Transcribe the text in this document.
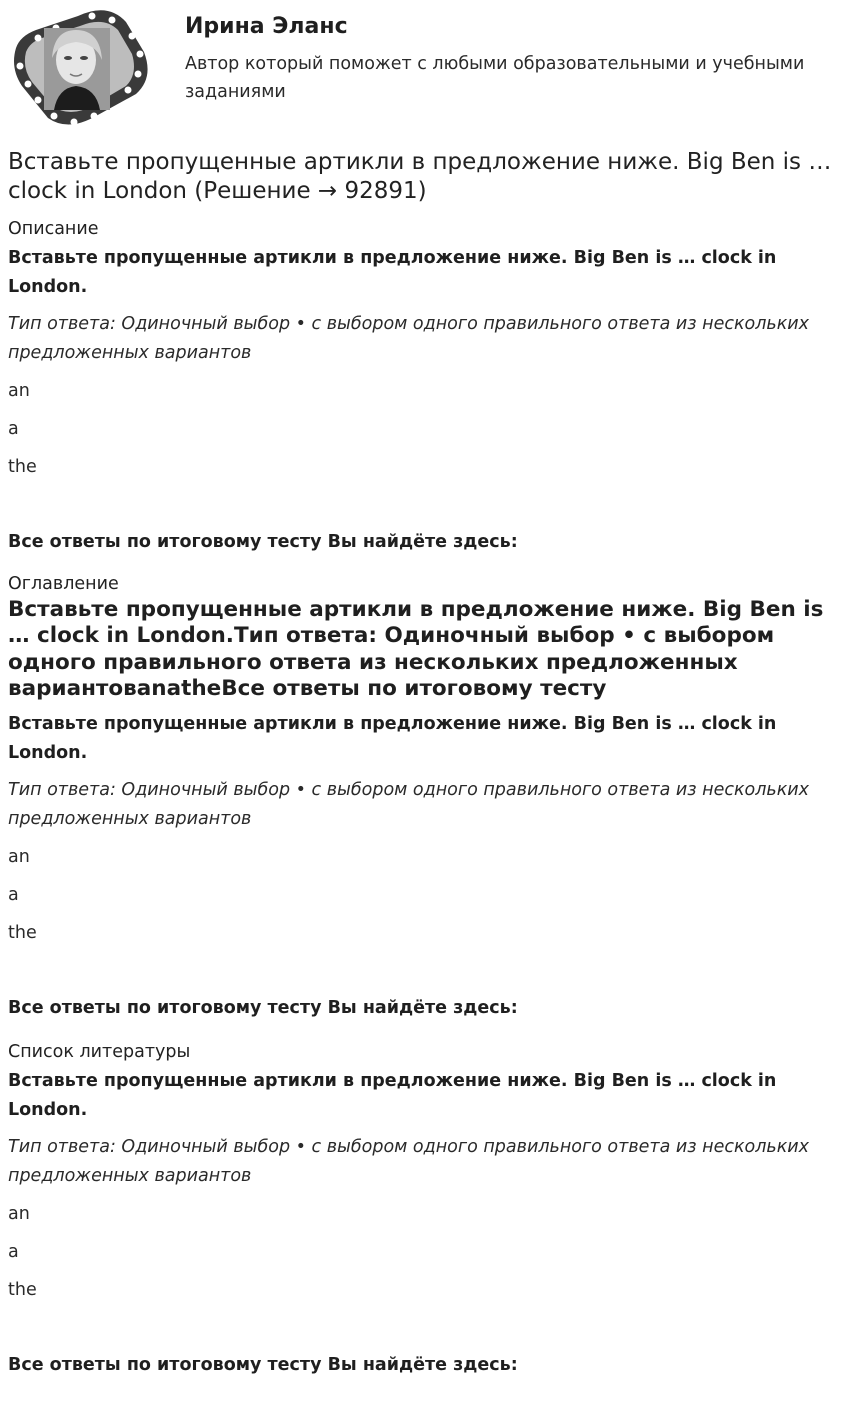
Ирина Эланс

Автор который поможет с любыми образовательными и учебными заданиями

Вставьте пропущенные артикли в предложение ниже. Big Ben is … clock in London (Решение → 92891)

Описание

Вставьте пропущенные артикли в предложение ниже. Big Ben is … clock in London.

Тип ответа: Одиночный выбор • с выбором одного правильного ответа из нескольких предложенных вариантов

an

a

the

Все ответы по итоговому тесту Вы найдёте здесь:

Оглавление

Вставьте пропущенные артикли в предложение ниже. Big Ben is … clock in London.Тип ответа: Одиночный выбор • с выбором одного правильного ответа из нескольких предложенных вариантовanatheВсе ответы по итоговому тесту

Вставьте пропущенные артикли в предложение ниже. Big Ben is … clock in London.

Тип ответа: Одиночный выбор • с выбором одного правильного ответа из нескольких предложенных вариантов

an

a

the

Все ответы по итоговому тесту Вы найдёте здесь:

Список литературы

Вставьте пропущенные артикли в предложение ниже. Big Ben is … clock in London.

Тип ответа: Одиночный выбор • с выбором одного правильного ответа из нескольких предложенных вариантов

an

a

the

Все ответы по итоговому тесту Вы найдёте здесь:
